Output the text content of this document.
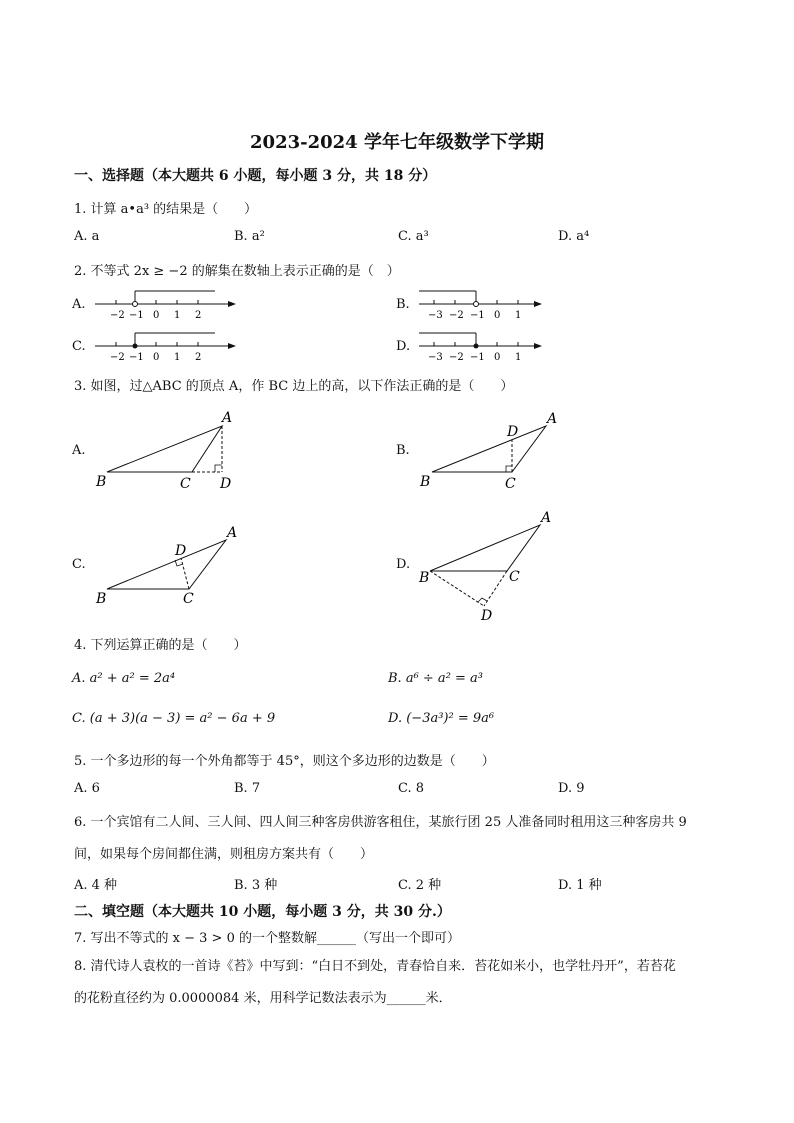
2023-2024 学年七年级数学下学期
一、选择题（本大题共 6 小题，每小题 3 分，共 18 分）
1. 计算 a•a³ 的结果是（　　）
A. a	B. a²	C. a³	D. a⁴
2. 不等式 2x ≥ −2 的解集在数轴上表示正确的是（　）
A.
−2 −1 0 1 2
B.
−3 −2 −1 0 1
C.
−2 −1 0 1 2
D.
−3 −2 −1 0 1
3. 如图，过△ABC 的顶点 A，作 BC 边上的高，以下作法正确的是（　　）
A.
A
B	C D
A
B	C
D
A
B	C
D
A
B	C
D
B.
C.	D.
4. 下列运算正确的是（　　）
A. a² + a² = 2a⁴	B. a⁶ ÷ a² = a³
C. (a + 3)(a − 3) = a² − 6a + 9	D. (−3a³)² = 9a⁶
5. 一个多边形的每一个外角都等于 45°，则这个多边形的边数是（　　）
A. 6	B. 7	C. 8	D. 9
6. 一个宾馆有二人间、三人间、四人间三种客房供游客租住，某旅行团 25 人准备同时租用这三种客房共 9
间，如果每个房间都住满，则租房方案共有（　　）
A. 4 种	B. 3 种	C. 2 种	D. 1 种
二、填空题（本大题共 10 小题，每小题 3 分，共 30 分.）
7. 写出不等式的 x − 3 > 0 的一个整数解______（写出一个即可）
8. 清代诗人袁枚的一首诗《苔》中写到：“白日不到处，青春恰自来．苔花如米小，也学牡丹开”，若苔花
的花粉直径约为 0.0000084 米，用科学记数法表示为______米．
